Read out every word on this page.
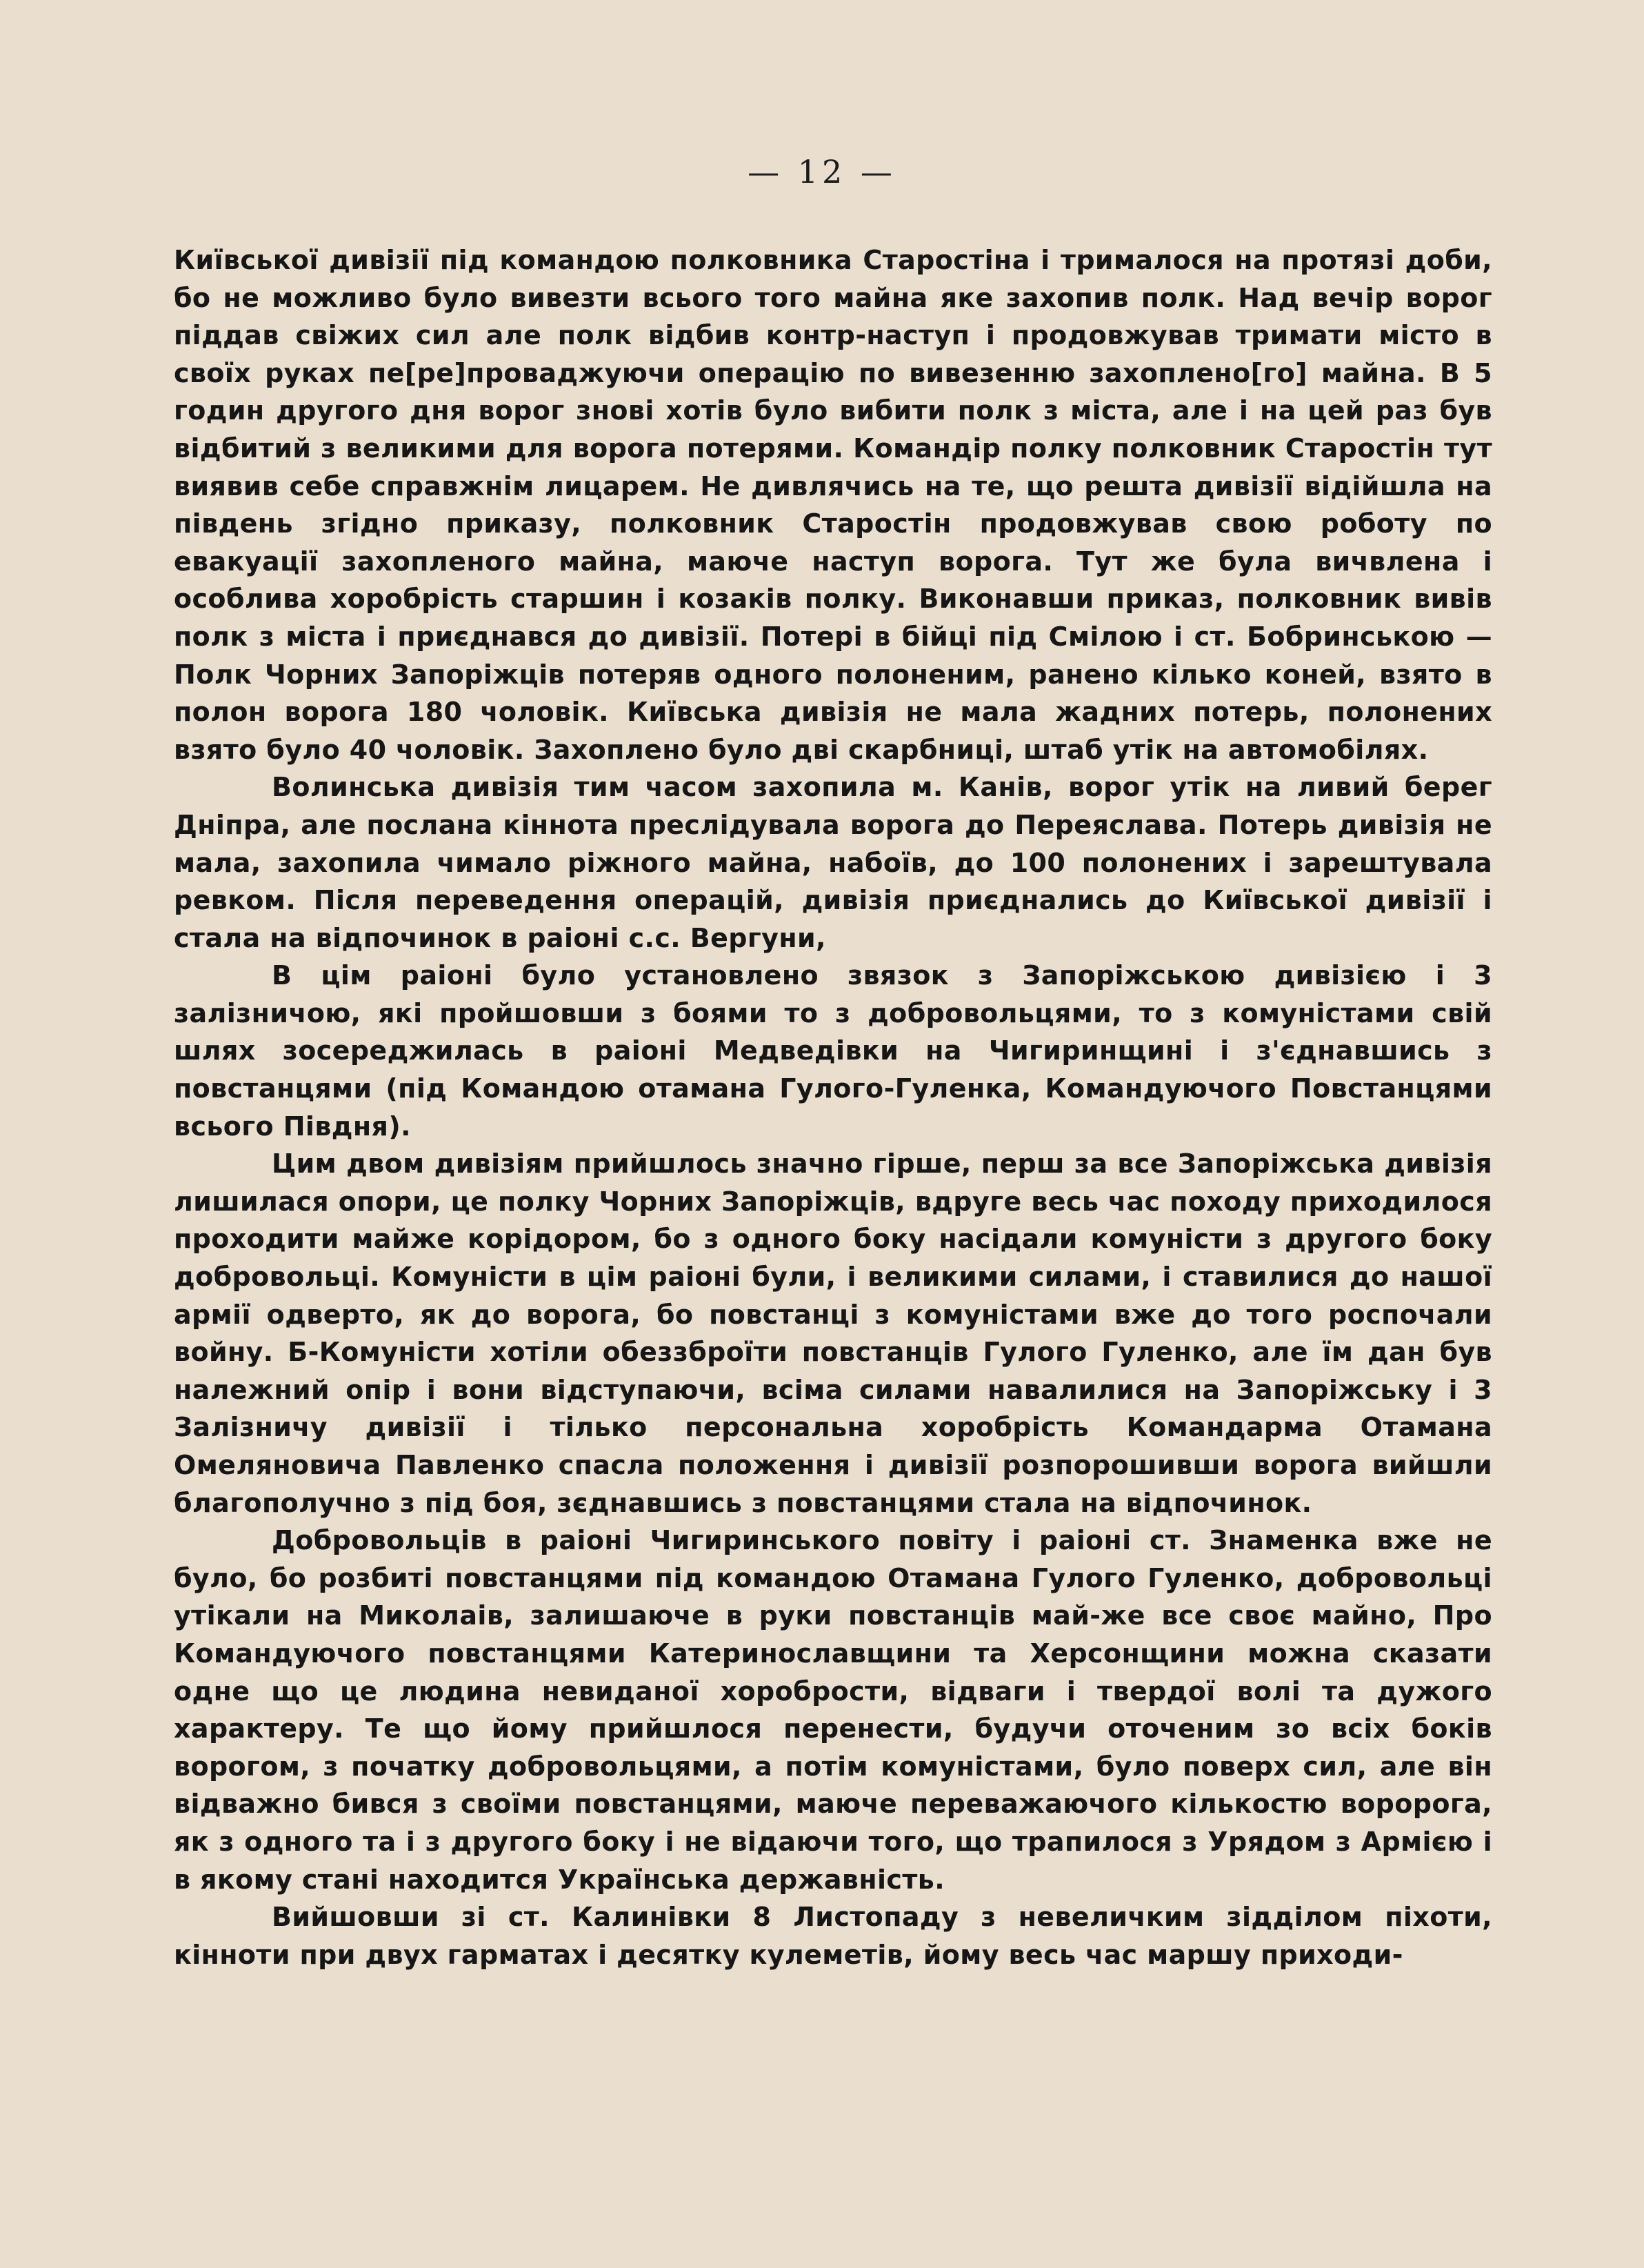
— 12 —

Київської дивізії під командою полковника Старостіна і трималося на протязі доби, бо не можливо було вивезти всього того майна яке захопив полк. Над вечір ворог піддав свіжих сил але полк відбив контр-наступ і продовжував тримати місто в своїх руках пе[ре]проваджуючи операцію по вивезенню захоплено[го] майна. В 5 годин другого дня ворог знові хотів було вибити полк з міста, але і на цей раз був відбитий з великими для ворога потерями. Командір полку полковник Старостін тут виявив себе справжнім лицарем. Не дивлячись на те, що решта дивізії відійшла на південь згідно приказу, полковник Старостін продовжував свою роботу по евакуації захопленого майна, маюче наступ ворога. Тут же була вичвлена і особлива хоробрість старшин і козаків полку. Виконавши приказ, полковник вивів полк з міста і приєднався до дивізії. Потері в бійці під Смілою і ст. Бобринською — Полк Чорних Запоріжців потеряв одного полоненим, ранено кілько коней, взято в полон ворога 180 чоловік. Київська дивізія не мала жадних потерь, полонених взято було 40 чоловік. Захоплено було дві скарбниці, штаб утік на автомобілях.

Волинська дивізія тим часом захопила м. Канів, ворог утік на ливий берег Дніпра, але послана кіннота преслідувала ворога до Переяслава. Потерь дивізія не мала, захопила чимало ріжного майна, набоїв, до 100 полонених і зарештувала ревком. Після переведення операцій, дивізія приєднались до Київської дивізії і стала на відпочинок в раіоні с.с. Вергуни,

В цім раіоні було установлено звязок з Запоріжською дивізією і 3 залізничою, які пройшовши з боями то з добровольцями, то з комуністами свій шлях зосереджилась в раіоні Медведівки на Чигиринщині і з'єднавшись з повстанцями (під Командою отамана Гулого-Гуленка, Командуючого Повстанцями всього Півдня).

Цим двом дивізіям прийшлось значно гірше, перш за все Запоріжська дивізія лишилася опори, це полку Чорних Запоріжців, вдруге весь час походу приходилося проходити майже корідором, бо з одного боку насідали комуністи з другого боку добровольці. Комуністи в цім раіоні були, і великими силами, і ставилися до нашої армії одверто, як до ворога, бо повстанці з комуністами вже до того роспочали войну. Б-Комуністи хотіли обеззброїти повстанців Гулого Гуленко, але їм дан був належний опір і вони відступаючи, всіма силами навалилися на Запоріжську і 3 Залізничу дивізії і тілько персональна хоробрість Командарма Отамана Омеляновича Павленко спасла положення і дивізії розпорошивши ворога вийшли благополучно з під боя, зєднавшись з повстанцями стала на відпочинок.

Добровольців в раіоні Чигиринського повіту і раіоні ст. Знаменка вже не було, бо розбиті повстанцями під командою Отамана Гулого Гуленко, добровольці утікали на Миколаів, залишаюче в руки повстанців май-же все своє майно, Про Командуючого повстанцями Катеринославщини та Херсонщини можна сказати одне що це людина невиданої хоробрости, відваги і твердої волі та дужого характеру. Те що йому прийшлося перенести, будучи оточеним зо всіх боків ворогом, з початку добровольцями, а потім комуністами, було поверх сил, але він відважно бився з своїми повстанцями, маюче переважаючого кількостю воророга, як з одного та і з другого боку і не відаючи того, що трапилося з Урядом з Армією і в якому стані находится Українська державність.

Вийшовши зі ст. Калинівки 8 Листопаду з невеличким зідділом піхоти, кінноти при двух гарматах і десятку кулеметів, йому весь час маршу приходи-
